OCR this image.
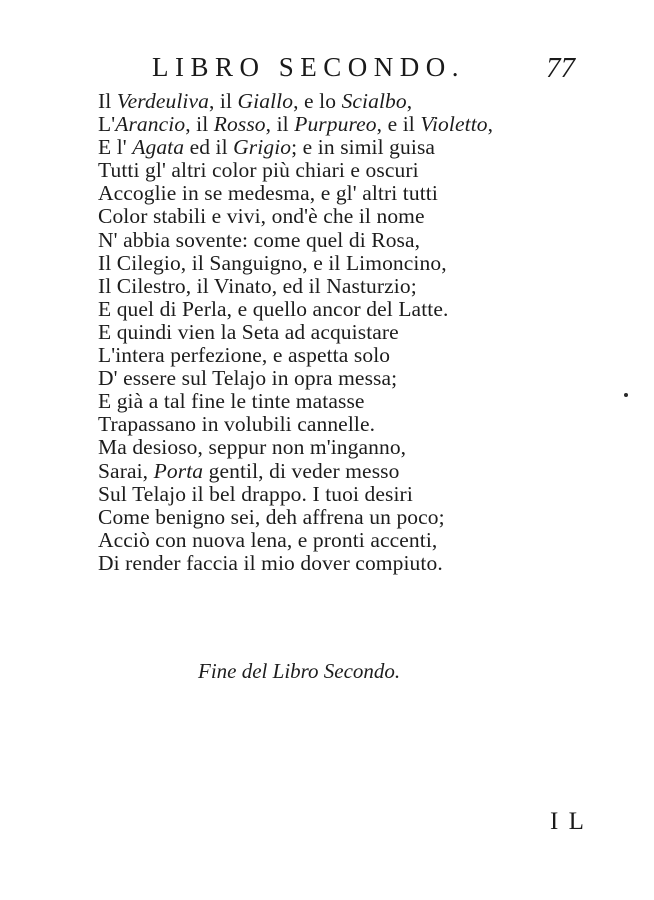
LIBRO SECONDO.	77
Il Verdeuliva, il Giallo, e lo Scialbo,
L'Arancio, il Rosso, il Purpureo, e il Violetto,
E l' Agata ed il Grigio; e in simil guisa
Tutti gl' altri color più chiari e oscuri
Accoglie in se medesma, e gl' altri tutti
Color stabili e vivi, ond'è che il nome
N' abbia sovente: come quel di Rosa,
Il Cilegio, il Sanguigno, e il Limoncino,
Il Cilestro, il Vinato, ed il Nasturzio;
E quel di Perla, e quello ancor del Latte.
E quindi vien la Seta ad acquistare
L'intera perfezione, e aspetta solo
D' essere sul Telajo in opra messa;
E già a tal fine le tinte matasse
Trapassano in volubili cannelle.
Ma desioso, seppur non m'inganno,
Sarai, Porta gentil, di veder messo
Sul Telajo il bel drappo. I tuoi desiri
Come benigno sei, deh affrena un poco;
Acciò con nuova lena, e pronti accenti,
Di render faccia il mio dover compiuto.
Fine del Libro Secondo.
I L
